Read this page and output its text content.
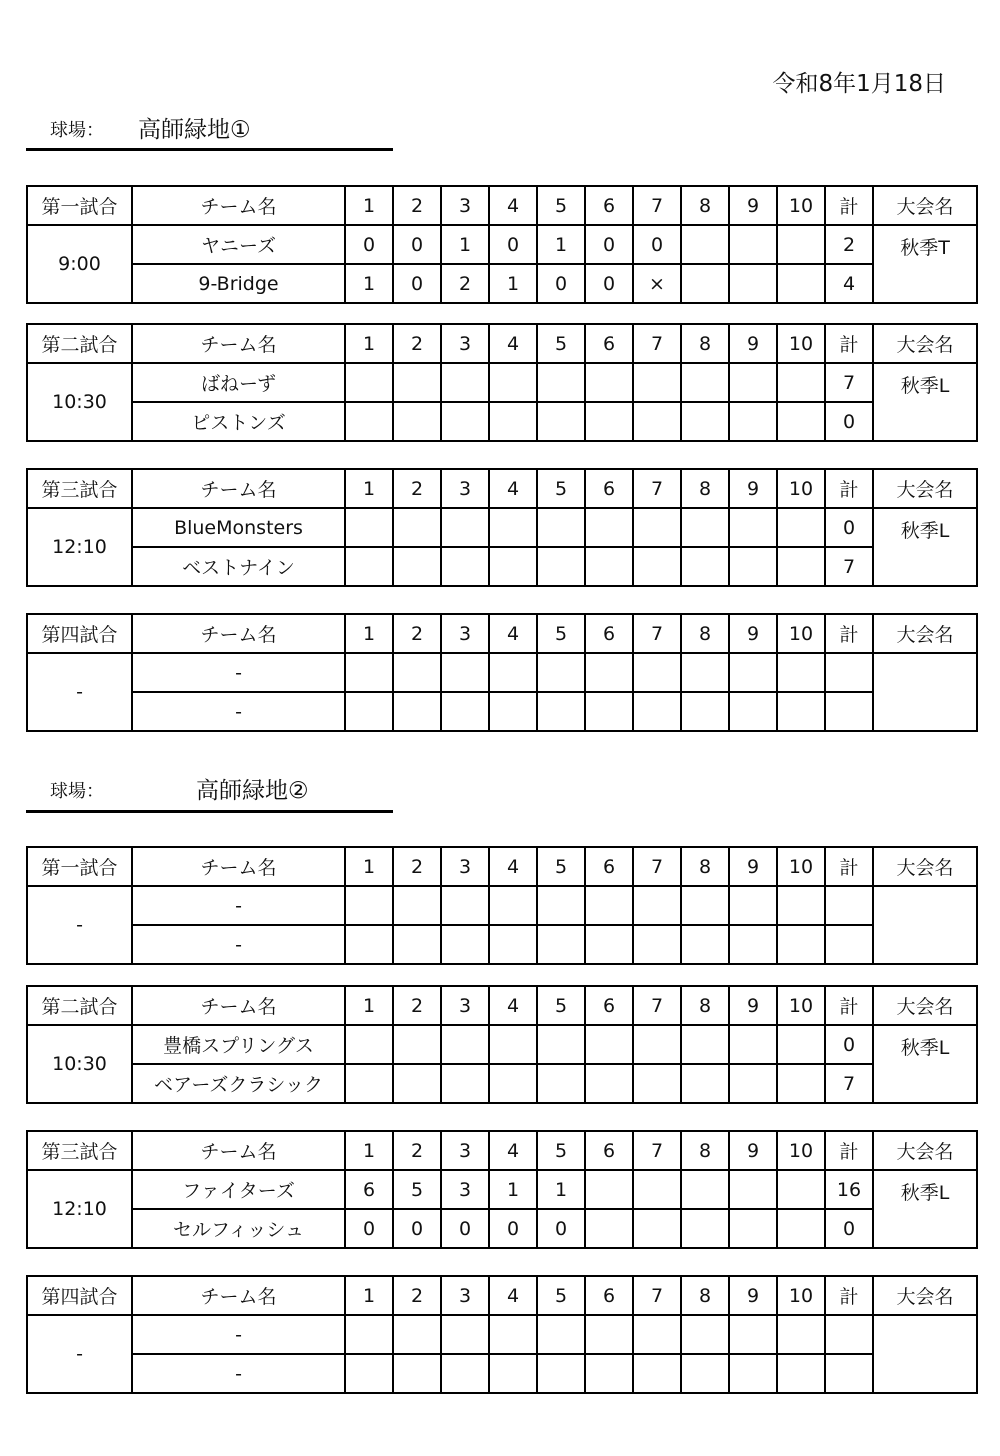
令和8年1月18日
球場： 高師緑地①
第一試合	チーム名	1	2	3	4	5	6	7	8	9	10	計	大会名
9:00	ヤニーズ	0	0	1	0	1	0	0				2	秋季T
	9-Bridge	1	0	2	1	0	0	×				4	
第二試合	チーム名	1	2	3	4	5	6	7	8	9	10	計	大会名
10:30	ばねーず											7	秋季L
	ピストンズ											0	
第三試合	チーム名	1	2	3	4	5	6	7	8	9	10	計	大会名
12:10	BlueMonsters											0	秋季L
	ベストナイン											7	
第四試合	チーム名	1	2	3	4	5	6	7	8	9	10	計	大会名
-	-												
	-												
球場：	高師緑地②
第一試合	チーム名	1	2	3	4	5	6	7	8	9	10	計	大会名
-	-												
	-												
第二試合	チーム名	1	2	3	4	5	6	7	8	9	10	計	大会名
10:30	豊橋スプリングス											0	秋季L
	ベアーズクラシック											7	
第三試合	チーム名	1	2	3	4	5	6	7	8	9	10	計	大会名
12:10	ファイターズ	6	5	3	1	1						16	秋季L
	セルフィッシュ	0	0	0	0	0						0	
第四試合	チーム名	1	2	3	4	5	6	7	8	9	10	計	大会名
-	-												
	-												
